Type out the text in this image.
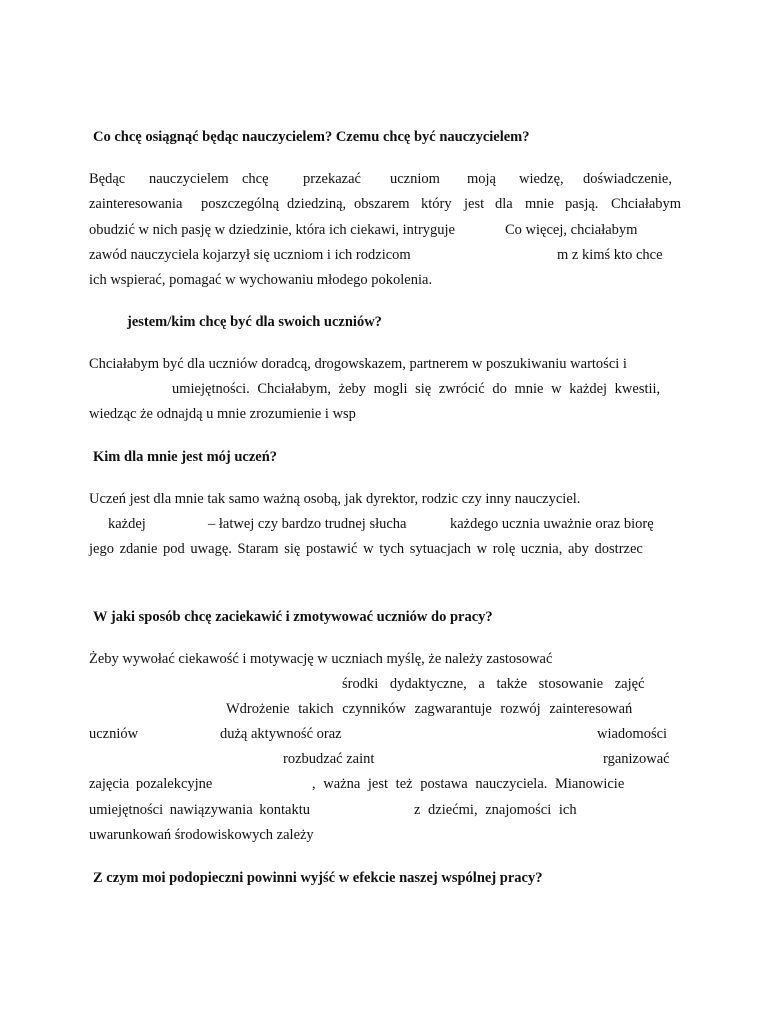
Co chcę osiągnąć będąc nauczycielem? Czemu chcę być nauczycielem?
Będąc nauczycielem chcę przekazać uczniom moją wiedzę, doświadczenie,
zainteresowania poszczególną dziedziną, obszarem który jest dla mnie pasją. Chciałabym
obudzić w nich pasję w dziedzinie, która ich ciekawi, intryguje	Co więcej, chciałabym
zawód nauczyciela kojarzył się uczniom i ich rodzicom	m z kimś kto chce
ich wspierać, pomagać w wychowaniu młodego pokolenia.
jestem/kim chcę być dla swoich uczniów?
Chciałabym być dla uczniów doradcą, drogowskazem, partnerem w poszukiwaniu wartości i
umiejętności. Chciałabym, żeby mogli się zwrócić do mnie w każdej kwestii,
wiedząc że odnajdą u mnie zrozumienie i wsp
Kim dla mnie jest mój uczeń?
Uczeń jest dla mnie tak samo ważną osobą, jak dyrektor, rodzic czy inny nauczyciel.
każdej	– łatwej czy bardzo trudnej słucha	każdego ucznia uważnie oraz biorę
jego zdanie pod uwagę. Staram się postawić w tych sytuacjach w rolę ucznia, aby dostrzec
W jaki sposób chcę zaciekawić i zmotywować uczniów do pracy?
Żeby wywołać ciekawość i motywację w uczniach myślę, że należy zastosować
środki dydaktyczne, a także stosowanie zajęć
Wdrożenie takich czynników zagwarantuje rozwój zainteresowań
uczniów	dużą aktywność oraz	wiadomości
rozbudzać zaint	rganizować
zajęcia pozalekcyjne	, ważna jest też postawa nauczyciela. Mianowicie
umiejętności nawiązywania kontaktu	z dziećmi, znajomości ich
uwarunkowań środowiskowych zależy
Z czym moi podopieczni powinni wyjść w efekcie naszej wspólnej pracy?
